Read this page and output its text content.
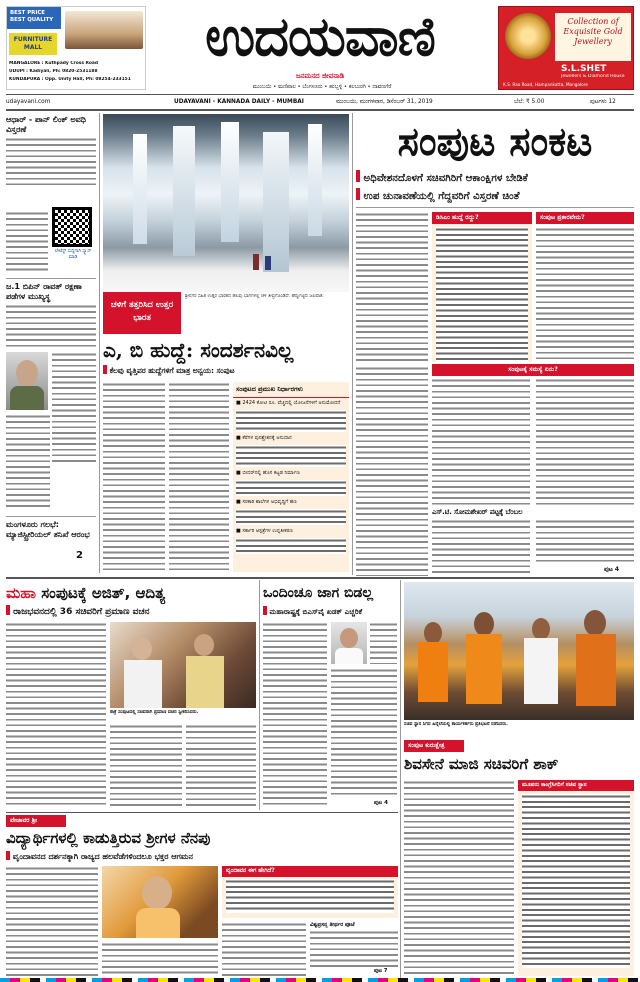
BEST PRICE BEST QUALITY
FURNITURE MALL
MANGALORE : Kuthpady Cross Road
UDUPI : Kadiyali, Ph: 0820-2531188
KUNDAPURA : Opp. Unity Hall, Ph: 08254-233151
ಉದಯವಾಣಿ
ಜನಮನದ ಜೀವನಾಡಿ
ಮುಂಬಯಿ • ಮಣಿಪಾಲ • ಬೆಂಗಳೂರು • ಹುಬ್ಬಳ್ಳಿ • ಕಲಬುರಗಿ • ದಾವಣಗೆರೆ
Collection of Exquisite Gold Jewellery
S.L.SHET
Jewellers & Diamond House
K.S. Rao Road, Hampankatta, Mangalore
udayavani.com	UDAYAVANI - KANNADA DAILY - MUMBAI	ಮುಂಬಯಿ, ಮಂಗಳವಾರ, ಡಿಸೆಂಬರ್ 31, 2019	ಬೆಲೆ: ₹ 5.00	ಪುಟಗಳು 12
ಆಧಾರ್ - ಪಾನ್ ಲಿಂಕ್ ಅವಧಿ ವಿಸ್ತರಣೆ
ಲೇಟೆಸ್ಟ್ ಸುದ್ದಿಗಾಗಿ ಸ್ಕ್ಯಾನ್ ಮಾಡಿ
ಜ.1 ಬಿಪಿನ್ ರಾವತ್ ರಕ್ಷಣಾ ಪಡೆಗಳ ಮುಖ್ಯಸ್ಥ
ಮಂಗಳೂರು ಗಲಭೆ: ಮ್ಯಾಜಿಸ್ಟ್ರೀರಿಯಲ್ ತನಿಖೆ ಆರಂಭ
2
ಚಳಿಗೆ ತತ್ತರಿಸಿದ ಉತ್ತರ ಭಾರತ
ಶ್ರೀನಗರ ಸಹಿತ ಉತ್ತರ ಭಾರತದ ಹಲವು ಭಾಗಗಳಲ್ಲಿ ಚಳಿ ತೀವ್ರಗೊಂಡಿದೆ. ಹೆಪ್ಪುಗಟ್ಟಿದ ಜಲಪಾತ.
ಸಂಪುಟ ಸಂಕಟ
ಅಧಿವೇಶನದೊಳಗೆ ಸಚಿವಗಿರಿಗೆ ಆಕಾಂಕ್ಷಿಗಳ ಬೇಡಿಕೆ
ಉಪ ಚುನಾವಣೆಯಲ್ಲಿ ಗೆದ್ದವರಿಗೆ ವಿಸ್ತರಣೆ ಚಿಂತೆ
ಡಿಸಿಎಂ ಹುದ್ದೆ ರದ್ದು?	ಸಂಪುಟ ಪ್ರಕಾರವೇನು?
ಸಂಪುಟಕ್ಕೆ ಸಮಸ್ಯೆ ಏನು?
ಎಸ್.ಟಿ. ಸೋಮಶೇಖರ್ ಪಟ್ಟಕ್ಕೆ ಬೆಂಬಲ
ಪುಟ 4
ಎ, ಬಿ ಹುದ್ದೆ: ಸಂದರ್ಶನವಿಲ್ಲ
ಕೆಲವು ವೃತ್ತಿಪರ ಹುದ್ದೆಗಳಿಗೆ ಮಾತ್ರ ಅನ್ವಯ: ಸಂಪುಟ
ಸಂಪುಟದ ಪ್ರಮುಖ ನಿರ್ಧಾರಗಳು
■ 2424 ಕೋಟಿ ರೂ. ವೆಚ್ಚದಲ್ಲಿ ಯೋಜನೆಗಳಿಗೆ ಅನುಮೋದನೆ
■ ಕೆರೆಗಳ ಪುನಶ್ಚೇತನಕ್ಕೆ ಅನುದಾನ
■ ಬೀದರ್‌ನಲ್ಲಿ ಹೊಸ ಕಟ್ಟಡ ನಿರ್ಮಾಣ
■ ಸರಕಾರಿ ಶಾಲೆಗಳ ಅಭಿವೃದ್ಧಿಗೆ ಹಣ
■ ಸರ್ಕಾರಿ ಆಸ್ಪತ್ರೆಗಳ ಉನ್ನತೀಕರಣ
ಮಹಾ ಸಂಪುಟಕ್ಕೆ ಅಜಿತ್, ಆದಿತ್ಯ
ರಾಜಭವನದಲ್ಲಿ 36 ಸಚಿವರಿಗೆ ಪ್ರಮಾಣ ವಚನ
ಠಾಕ್ರೆ ಸಂಪುಟದಲ್ಲಿ ಸಚಿವರಾಗಿ ಪ್ರಮಾಣ ವಚನ ಸ್ವೀಕರಿಸಿದರು.
ಒಂದಿಂಚೂ ಜಾಗ ಬಿಡಲ್ಲ
ಮಹಾರಾಷ್ಟ್ರಕ್ಕೆ ಬಿಎಸ್‌ವೈ ಖಡಕ್ ಎಚ್ಚರಿಕೆ
ಪುಟ 4
ಸಚಿವ ಸ್ಥಾನ ಸಿಗದ ಹಿನ್ನೆಲೆಯಲ್ಲಿ ಕಾರ್ಯಕರ್ತರು ಪ್ರತಿಭಟನೆ ನಡೆಸಿದರು.
ಸಂಪುಟ ಕುರುಕ್ಷೇತ್ರ
ಶಿವಸೇನೆ ಮಾಜಿ ಸಚಿವರಿಗೆ ಶಾಕ್
ಮೂವರು ಕಾಂಗ್ರೆಸಿಗರಿಗೆ ಸಚಿವ ಸ್ಥಾನ
ಪೇಜಾವರ ಶ್ರೀ
ವಿದ್ಯಾರ್ಥಿಗಳಲ್ಲಿ ಕಾಡುತ್ತಿರುವ ಶ್ರೀಗಳ ನೆನಪು
ವೃಂದಾವನದ ದರ್ಶನಕ್ಕಾಗಿ ರಾಜ್ಯದ ಹಲವೆಡೆಗಳಿಂದಲೂ ಭಕ್ತರ ಆಗಮನ
ವೃಂದಾವನ ಈಗ ಹೇಗಿದೆ?
ವಿಶ್ವಪ್ರಸನ್ನ ತೀರ್ಥರ ಪೂಜೆ
ಪುಟ 7
